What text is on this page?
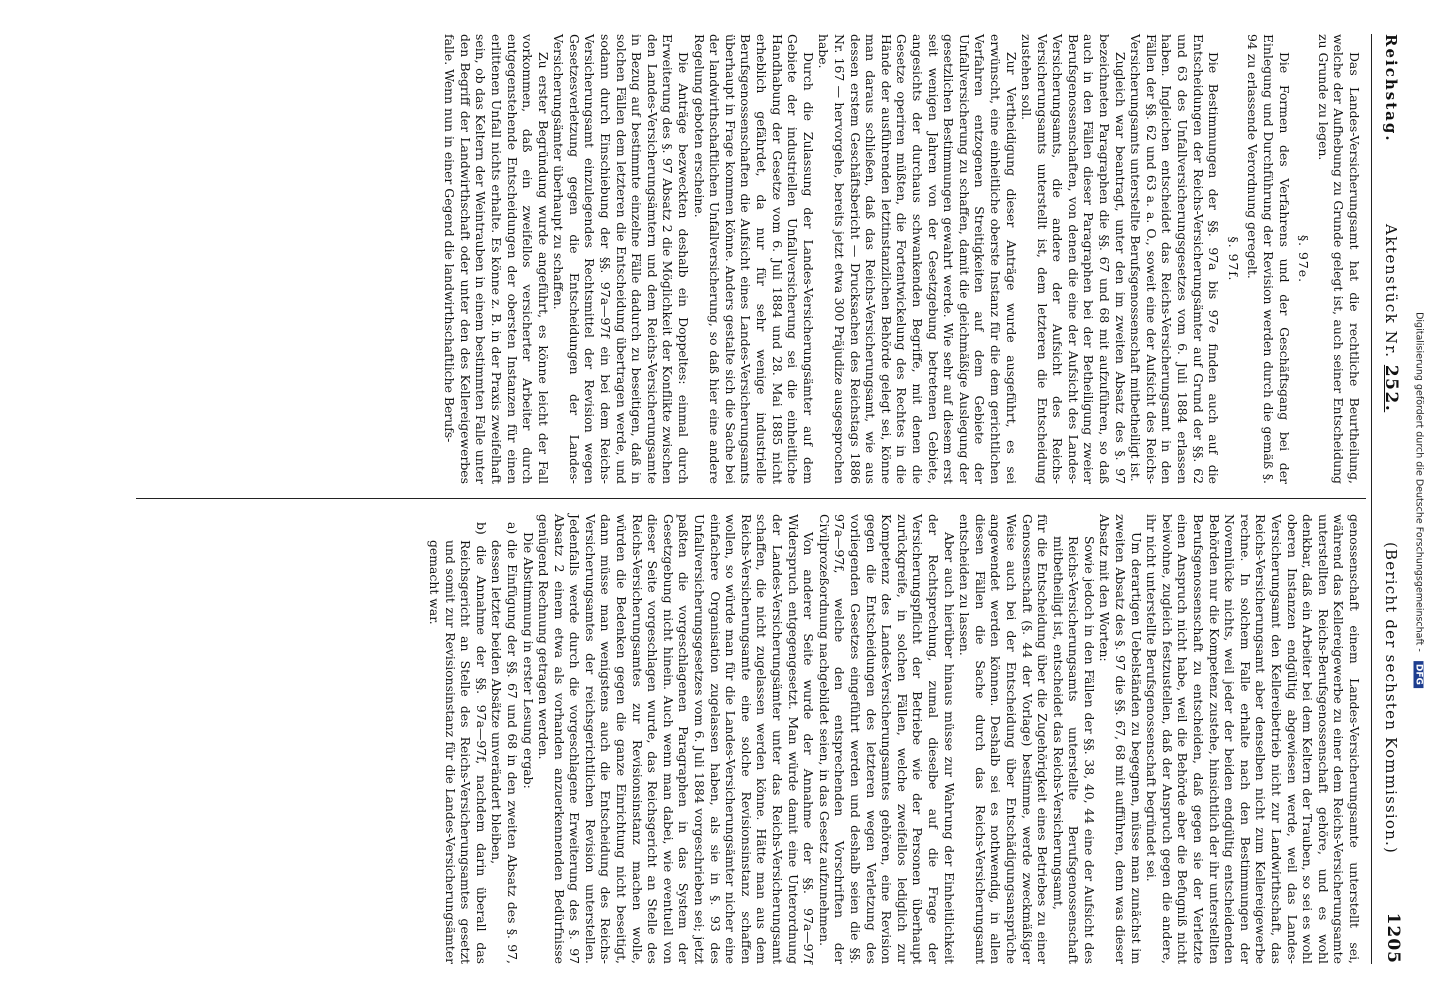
Reichstag.
Aktenstück Nr. 252.
(Bericht der sechsten Kommission.)
1205

Das Landes-Versicherungsamt hat die rechtliche Beurtheilung, welche der Aufhebung zu Grunde gelegt ist, auch seiner Entscheidung zu Grunde zu legen.

§. 97e.

Die Formen des Verfahrens und der Geschäftsgang bei der Einlegung und Durchführung der Revision werden durch die gemäß §. 94 zu erlassende Verordnung geregelt.

§. 97f.

Die Bestimmungen der §§. 97a bis 97e finden auch auf die Entscheidungen der Reichs-Versicherungsämter auf Grund der §§. 62 und 63 des Unfallversicherungsgesetzes vom 6. Juli 1884 erlassen haben. Ingleichen entscheidet das Reichs-Versicherungsamt in den Fällen der §§. 62 und 63 a. a. O., soweit eine der Aufsicht des Reichs-Versicherungsamts unterstellte Berufsgenossenschaft mitbetheiligt ist.

Zugleich war beantragt, unter den im zweiten Absatz des §. 97 bezeichneten Paragraphen die §§. 67 und 68 mit aufzuführen, so daß auch in den Fällen dieser Paragraphen bei der Betheiligung zweier Berufsgenossenschaften, von denen die eine der Aufsicht des Landes-Versicherungsamts, die andere der Aufsicht des Reichs-Versicherungsamts unterstellt ist, dem letzteren die Entscheidung zustehen soll.

Zur Vertheidigung dieser Anträge wurde ausgeführt, es sei erwünscht, eine einheitliche oberste Instanz für die dem gerichtlichen Verfahren entzogenen Streitigkeiten auf dem Gebiete der Unfallversicherung zu schaffen, damit die gleichmäßige Auslegung der gesetzlichen Bestimmungen gewahrt werde. Wie sehr auf diesem erst seit wenigen Jahren von der Gesetzgebung betretenen Gebiete, angesichts der durchaus schwankenden Begriffe, mit denen die Gesetze operiren müßten, die Fortentwickelung des Rechtes in die Hände der ausführenden letztinstanzlichen Behörde gelegt sei, könne man daraus schließen, daß das Reichs-Versicherungsamt, wie aus dessen erstem Geschäftsbericht — Drucksachen des Reichstags 1886 Nr. 167 — hervorgehe, bereits jetzt etwa 300 Präjudize ausgesprochen habe.

Durch die Zulassung der Landes-Versicherungsämter auf dem Gebiete der industriellen Unfallversicherung sei die einheitliche Handhabung der Gesetze vom 6. Juli 1884 und 28. Mai 1885 nicht erheblich gefährdet, da nur für sehr wenige industrielle Berufsgenossenschaften die Aufsicht eines Landes-Versicherungsamts überhaupt in Frage kommen könne. Anders gestalte sich die Sache bei der landwirthschaftlichen Unfallversicherung, so daß hier eine andere Regelung geboten erscheine.

Die Anträge bezweckten deshalb ein Doppeltes: einmal durch Erweiterung des §. 97 Absatz 2 die Möglichkeit der Konflikte zwischen den Landes-Versicherungsämtern und dem Reichs-Versicherungsamte in Bezug auf bestimmte einzelne Fälle dadurch zu beseitigen, daß in solchen Fällen dem letzteren die Entscheidung übertragen werde, und sodann durch Einschiebung der §§. 97a—97f ein bei dem Reichs-Versicherungsamt einzulegendes Rechtsmittel der Revision wegen Gesetzesverletzung gegen die Entscheidungen der Landes-Versicherungsämter überhaupt zu schaffen.

Zu erster Begründung wurde angeführt, es könne leicht der Fall vorkommen, daß ein zweifellos versicherter Arbeiter durch entgegenstehende Entscheidungen der obersten Instanzen für einen erlittenen Unfall nichts erhalte. Es könne z. B. in der Praxis zweifelhaft sein, ob das Keltern der Weintrauben in einem bestimmten Falle unter den Begriff der Landwirthschaft oder unter den des Kellereigewerbes falle. Wenn nun in einer Gegend die landwirthschaftliche Berufs-

genossenschaft einem Landes-Versicherungsamte unterstellt sei, während das Kellereigewerbe zu einer dem Reichs-Versicherungsamte unterstellten Reichs-Berufsgenossenschaft gehöre, und es wohl denkbar, daß ein Arbeiter bei dem Keltern der Trauben, so sei es wohl oberen Instanzen endgültig abgewiesen werde, weil das Landes-Versicherungsamt den Kellereibetrieb nicht zur Landwirthschaft, das Reichs-Versicherungsamt aber denselben nicht zum Kellereigewerbe rechne. In solchem Falle erhalte nach den Bestimmungen der Novemlücke nichts, weil jeder der beiden endgültig entscheidenden Behörden nur die Kompetenz zustehe, hinsichtlich der ihr unterstellten Berufsgenossenschaft zu entscheiden, daß gegen sie der Verletzte einen Anspruch nicht habe, weil die Behörde aber die Befugniß nicht beiwohne, zugleich festzustellen, daß der Anspruch gegen die andere, ihr nicht unterstellte Berufsgenossenschaft begründet sei.

Um derartigen Uebelständen zu begegnen, müsse man zunächst im zweiten Absatz des §. 97 die §§. 67, 68 mit aufführen, denn was dieser Absatz mit den Worten:

Sowie jedoch in den Fällen der §§. 38, 40, 44 eine der Aufsicht des Reichs-Versicherungsamts unterstellte Berufsgenossenschaft mitbetheiligt ist, entscheidet das Reichs-Versicherungsamt,

für die Entscheidung über die Zugehörigkeit eines Betriebes zu einer Genossenschaft (§. 44 der Vorlage) bestimme, werde zweckmäßiger Weise auch bei der Entscheidung über Entschädigungsansprüche angewendet werden können. Deshalb sei es nothwendig, in allen diesen Fällen die Sache durch das Reichs-Versicherungsamt entscheiden zu lassen.

Aber auch hierüber hinaus müsse zur Wahrung der Einheitlichkeit der Rechtsprechung, zumal dieselbe auf die Frage der Versicherungspflicht der Betriebe wie der Personen überhaupt zurückgreife, in solchen Fällen, welche zweifellos lediglich zur Kompetenz des Landes-Versicherungsamtes gehören, eine Revision gegen die Entscheidungen des letzteren wegen Verletzung des vorliegenden Gesetzes eingeführt werden und deshalb seien die §§. 97a—97f, welche den entsprechenden Vorschriften der Civilprozeßordnung nachgebildet seien, in das Gesetz aufzunehmen.

Von anderer Seite wurde der Annahme der §§. 97a—97f Widerspruch entgegengesetzt. Man würde damit eine Unterordnung der Landes-Versicherungsämter unter das Reichs-Versicherungsamt schaffen, die nicht zugelassen werden könne. Hätte man aus dem Reichs-Versicherungsamte eine solche Revisionsinstanz schaffen wollen, so würde man für die Landes-Versicherungsämter nicher eine einfachere Organisation zugelassen haben, als sie in §. 93 des Unfallversicherungsgesetzes vom 6. Juli 1884 vorgeschrieben sei; jetzt paßten die vorgeschlagenen Paragraphen in das System der Gesetzgebung nicht hinein. Auch wenn man dabei, wie eventuell von dieser Seite vorgeschlagen wurde, das Reichsgericht an Stelle des Reichs-Versicherungsamtes zur Revisionsinstanz machen wolle, würden die Bedenken gegen die ganze Einrichtung nicht beseitigt, dann müsse man wenigstens auch die Entscheidung des Reichs-Versicherungsamtes der reichsgerichtlichen Revision unterstellen. Jedenfalls werde durch die vorgeschlagene Erweiterung des §. 97 Absatz 2 einem etwa als vorhanden anzuerkennenden Bedürfnisse genügend Rechnung getragen werden.

Die Abstimmung in erster Lesung ergab:

a) die Einfügung der §§. 67 und 68 in den zweiten Absatz des §. 97, dessen letzter beiden Absätze unverändert bleiben,

b) die Annahme der §§. 97a—97f, nachdem darin überall das Reichsgericht an Stelle des Reichs-Versicherungsamtes gesetzt und somit zur Revisionsinstanz für die Landes-Versicherungsämter gemacht war.	Digitalisierung gefördert durch die Deutsche Forschungsgemeinschaft - DFG
